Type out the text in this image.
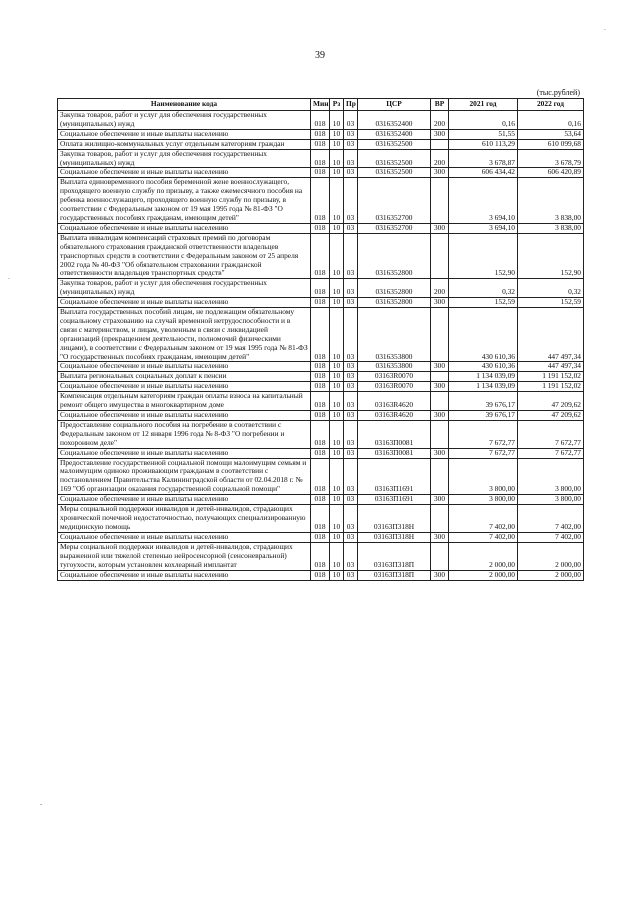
39
(тыс.рублей)
.
.
-
Наименование кода	Мин	Рз	Пр	ЦСР	ВР	2021 год	2022 год
Закупка товаров, работ и услуг для обеспечения государственных (муниципальных) нужд	018	10	03	0316352400	200	0,16	0,16
Социальное обеспечение и иные выплаты населению	018	10	03	0316352400	300	51,55	53,64
Оплата жилищно-коммунальных услуг отдельным категориям граждан	018	10	03	0316352500		610 113,29	610 099,68
Закупка товаров, работ и услуг для обеспечения государственных (муниципальных) нужд	018	10	03	0316352500	200	3 678,87	3 678,79
Социальное обеспечение и иные выплаты населению	018	10	03	0316352500	300	606 434,42	606 420,89
Выплата единовременного пособия беременной жене военнослужащего, проходящего военную службу по призыву, а также ежемесячного пособия на ребенка военнослужащего, проходящего военную службу по призыву, в соответствии с Федеральным законом от 19 мая 1995 года № 81-ФЗ "О государственных пособиях гражданам, имеющим детей"	018	10	03	0316352700		3 694,10	3 838,00
Социальное обеспечение и иные выплаты населению	018	10	03	0316352700	300	3 694,10	3 838,00
Выплата инвалидам компенсаций страховых премий по договорам обязательного страхования гражданской ответственности владельцев транспортных средств в соответствии с Федеральным законом от 25 апреля 2002 года № 40-ФЗ "Об обязательном страховании гражданской ответственности владельцев транспортных средств"	018	10	03	0316352800		152,90	152,90
Закупка товаров, работ и услуг для обеспечения государственных (муниципальных) нужд	018	10	03	0316352800	200	0,32	0,32
Социальное обеспечение и иные выплаты населению	018	10	03	0316352800	300	152,59	152,59
Выплата государственных пособий лицам, не подлежащим обязательному социальному страхованию на случай временной нетрудоспособности и в связи с материнством, и лицам, уволенным в связи с ликвидацией организаций (прекращением деятельности, полномочий физическими лицами), в соответствии с Федеральным законом от 19 мая 1995 года № 81-ФЗ "О государственных пособиях гражданам, имеющим детей"	018	10	03	0316353800		430 610,36	447 497,34
Социальное обеспечение и иные выплаты населению	018	10	03	0316353800	300	430 610,36	447 497,34
Выплата региональных социальных доплат к пенсии	018	10	03	03163R0070		1 134 039,09	1 191 152,02
Социальное обеспечение и иные выплаты населению	018	10	03	03163R0070	300	1 134 039,09	1 191 152,02
Компенсация отдельным категориям граждан оплаты взноса на капитальный ремонт общего имущества в многоквартирном доме	018	10	03	03163R4620		39 676,17	47 209,62
Социальное обеспечение и иные выплаты населению	018	10	03	03163R4620	300	39 676,17	47 209,62
Предоставление социального пособия на погребение в соответствии с Федеральным законом от 12 января 1996 года № 8-ФЗ "О погребении и похоронном деле"	018	10	03	03163П0081		7 672,77	7 672,77
Социальное обеспечение и иные выплаты населению	018	10	03	03163П0081	300	7 672,77	7 672,77
Предоставление государственной социальной помощи малоимущим семьям и малоимущим одиноко проживающим гражданам в соответствии с постановлением Правительства Калининградской области от 02.04.2018 г. № 169 "Об организации оказания государственной социальной помощи"	018	10	03	03163П1691		3 800,00	3 800,00
Социальное обеспечение и иные выплаты населению	018	10	03	03163П1691	300	3 800,00	3 800,00
Меры социальной поддержки инвалидов и детей-инвалидов, страдающих хронической почечной недостаточностью, получающих специализированную медицинскую помощь	018	10	03	03163П318Н		7 402,00	7 402,00
Социальное обеспечение и иные выплаты населению	018	10	03	03163П318Н	300	7 402,00	7 402,00
Меры социальной поддержки инвалидов и детей-инвалидов, страдающих выраженной или тяжелой степенью нейросенсорной (сенсоневральной) тугоухости, которым установлен кохлеарный имплантат	018	10	03	03163П318П		2 000,00	2 000,00
Социальное обеспечение и иные выплаты населению	018	10	03	03163П318П	300	2 000,00	2 000,00
